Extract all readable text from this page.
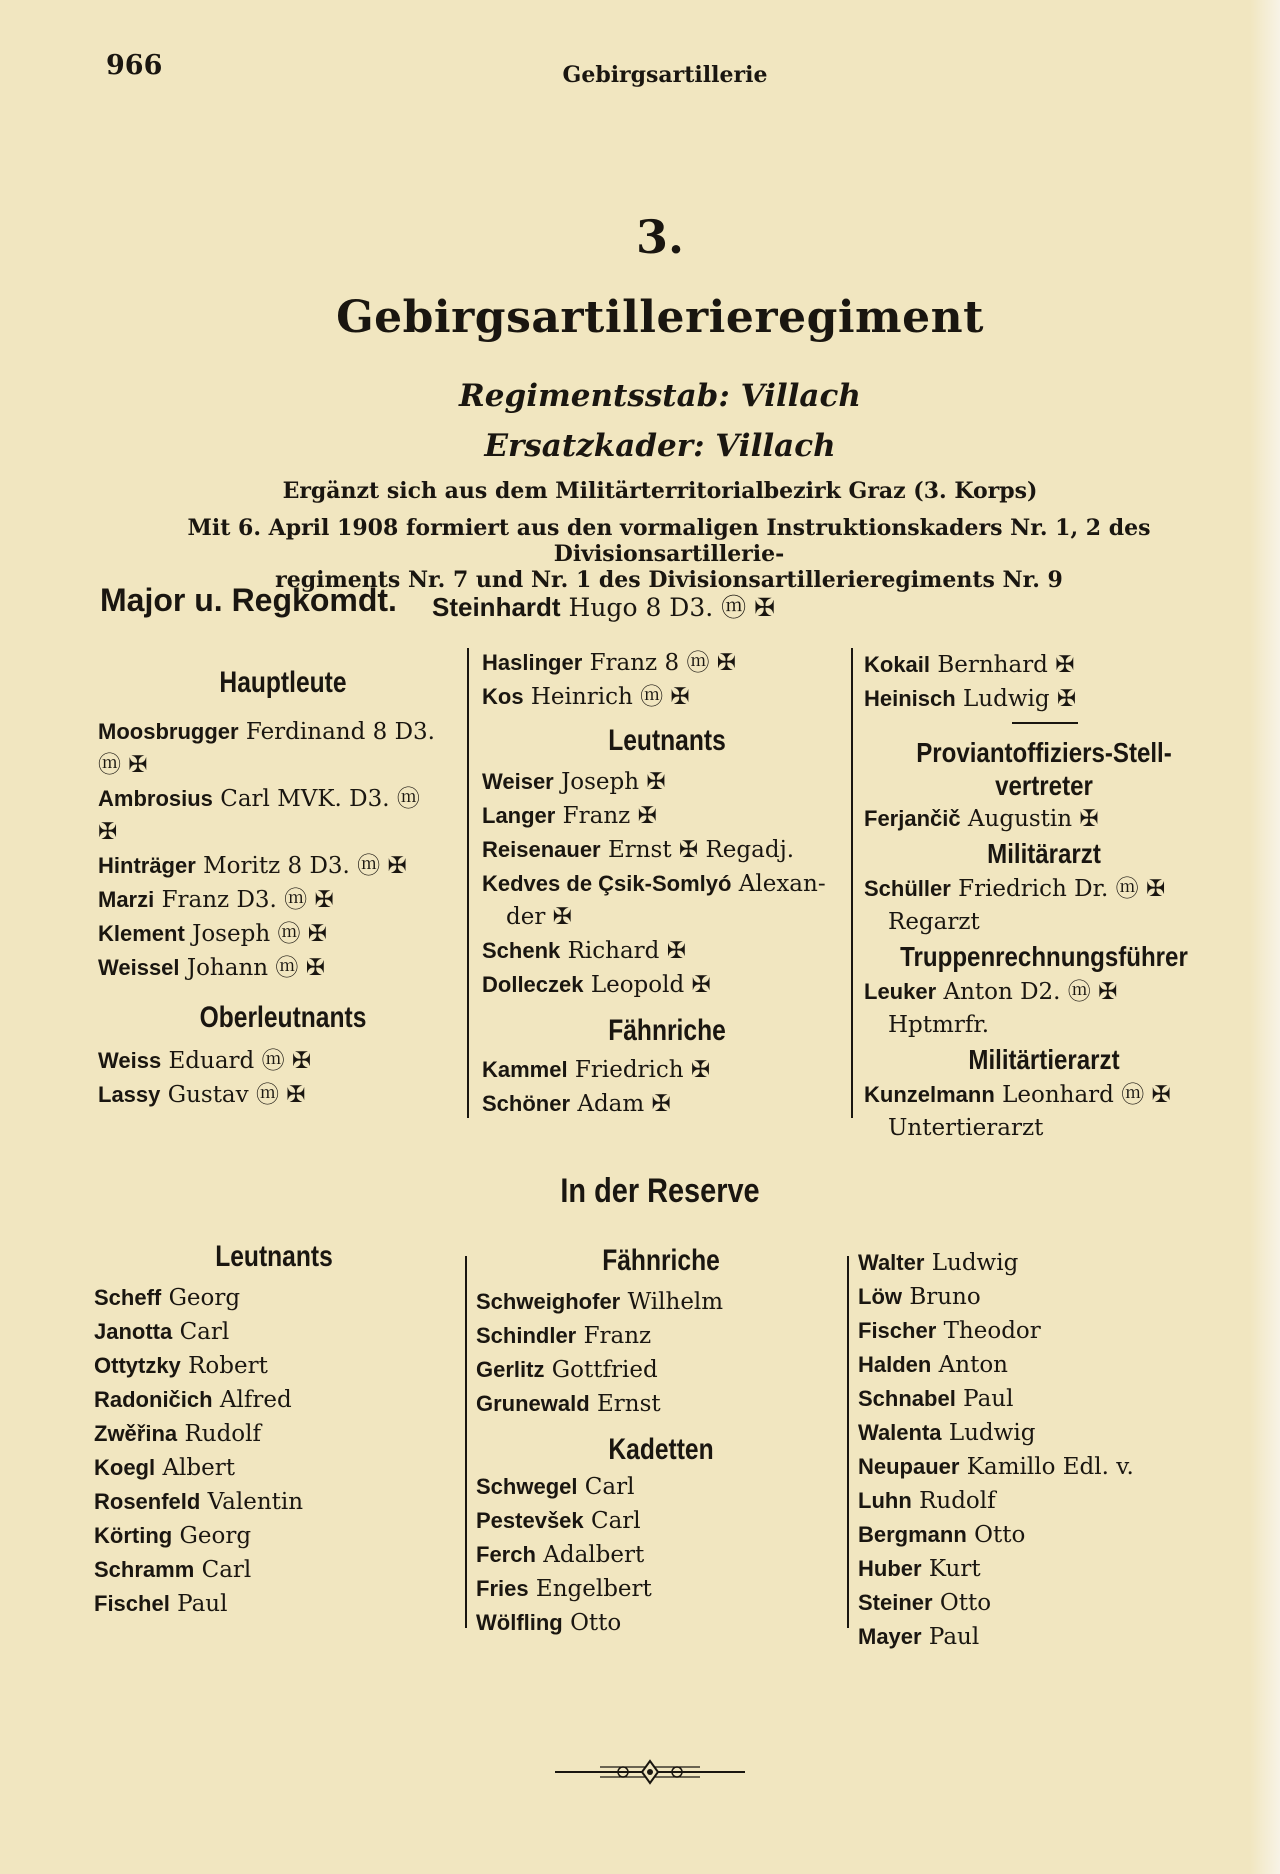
966	Gebirgsartillerie
3.
Gebirgsartillerieregiment
Regimentsstab: Villach
Ersatzkader: Villach
Ergänzt sich aus dem Militärterritorialbezirk Graz (3. Korps)
Mit 6. April 1908 formiert aus den vormaligen Instruktionskaders Nr. 1, 2 des Divisionsartillerie-
regiments Nr. 7 und Nr. 1 des Divisionsartillerieregiments Nr. 9
Major u. Regkomdt. Steinhardt Hugo 8 D3. ⓜ ✠
Hauptleute
Moosbrugger Ferdinand 8 D3.
ⓜ ✠
Ambrosius Carl MVK. D3. ⓜ
✠
Hinträger Moritz 8 D3. ⓜ ✠
Marzi Franz D3. ⓜ ✠
Klement Joseph ⓜ ✠
Weissel Johann ⓜ ✠
Oberleutnants
Weiss Eduard ⓜ ✠
Lassy Gustav ⓜ ✠
Haslinger Franz 8 ⓜ ✠
Kos Heinrich ⓜ ✠
Leutnants
Weiser Joseph ✠
Langer Franz ✠
Reisenauer Ernst ✠ Regadj.
Kedves de Çsik-Somlyó Alexan-
der ✠
Schenk Richard ✠
Dolleczek Leopold ✠
Fähnriche
Kammel Friedrich ✠
Schöner Adam ✠
Kokail Bernhard ✠
Heinisch Ludwig ✠
Proviantoffiziers-Stell-
vertreter
Ferjančič Augustin ✠
Militärarzt
Schüller Friedrich Dr. ⓜ ✠
Regarzt
Truppenrechnungsführer
Leuker Anton D2. ⓜ ✠
Hptmrfr.
Militärtierarzt
Kunzelmann Leonhard ⓜ ✠
Untertierarzt
In der Reserve
Leutnants
Scheff Georg
Janotta Carl
Ottytzky Robert
Radoničich Alfred
Zwěřina Rudolf
Koegl Albert
Rosenfeld Valentin
Körting Georg
Schramm Carl
Fischel Paul
Fähnriche
Schweighofer Wilhelm
Schindler Franz
Gerlitz Gottfried
Grunewald Ernst
Kadetten
Schwegel Carl
Pestevšek Carl
Ferch Adalbert
Fries Engelbert
Wölfling Otto
Walter Ludwig
Löw Bruno
Fischer Theodor
Halden Anton
Schnabel Paul
Walenta Ludwig
Neupauer Kamillo Edl. v.
Luhn Rudolf
Bergmann Otto
Huber Kurt
Steiner Otto
Mayer Paul
